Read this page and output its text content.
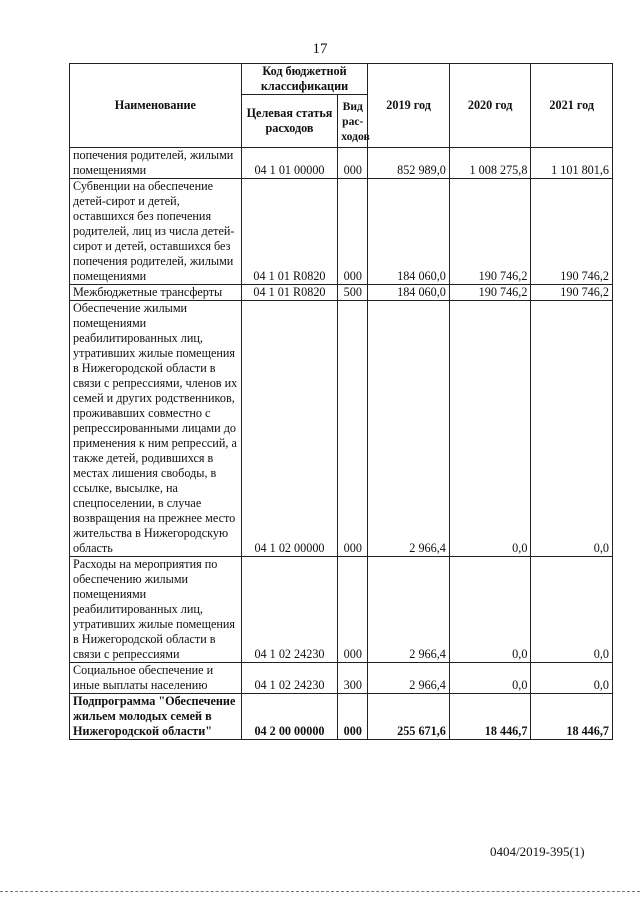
17
Наименование	Код бюджетной классификации		2019 год	2020 год	2021 год
	Целевая статья расходов	Вид рас-ходов			
попечения родителей, жилыми помещениями	04 1 01 00000	000	852 989,0	1 008 275,8	1 101 801,6
Субвенции на обеспечение детей-сирот и детей, оставшихся без попечения родителей, лиц из числа детей-сирот и детей, оставшихся без попечения родителей, жилыми помещениями	04 1 01 R0820	000	184 060,0	190 746,2	190 746,2
Межбюджетные трансферты	04 1 01 R0820	500	184 060,0	190 746,2	190 746,2
Обеспечение жилыми помещениями реабилитированных лиц, утративших жилые помещения в Нижегородской области в связи с репрессиями, членов их семей и других родственников, проживавших совместно с репрессированными лицами до применения к ним репрессий, а также детей, родившихся в местах лишения свободы, в ссылке, высылке, на спецпоселении, в случае возвращения на прежнее место жительства в Нижегородскую область	04 1 02 00000	000	2 966,4	0,0	0,0
Расходы на мероприятия по обеспечению жилыми помещениями реабилитированных лиц, утративших жилые помещения в Нижегородской области в связи с репрессиями	04 1 02 24230	000	2 966,4	0,0	0,0
Социальное обеспечение и иные выплаты населению	04 1 02 24230	300	2 966,4	0,0	0,0
Подпрограмма "Обеспечение жильем молодых семей в Нижегородской области"	04 2 00 00000	000	255 671,6	18 446,7	18 446,7
0404/2019-395(1)
